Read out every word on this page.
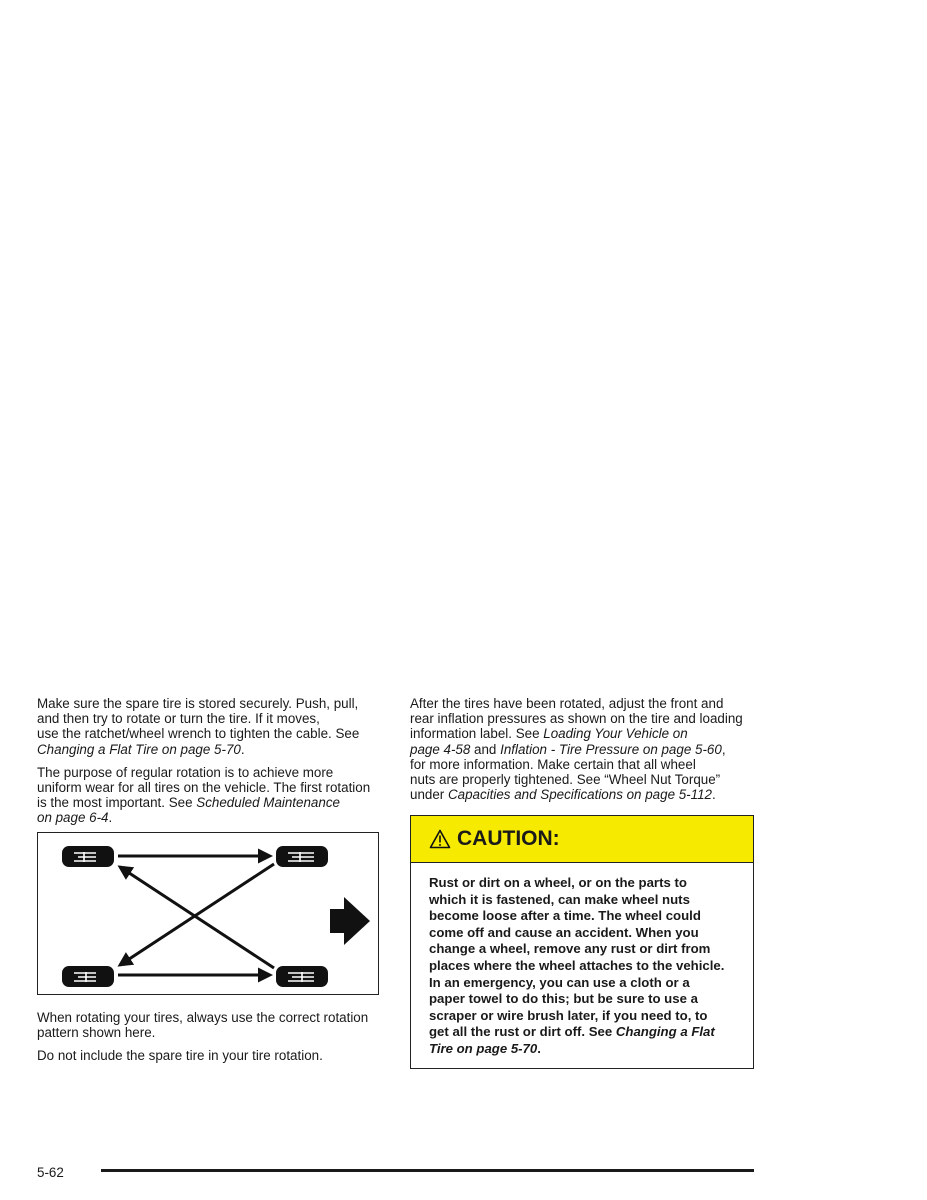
Make sure the spare tire is stored securely. Push, pull,
and then try to rotate or turn the tire. If it moves,
use the ratchet/wheel wrench to tighten the cable. See
Changing a Flat Tire on page 5-70.

The purpose of regular rotation is to achieve more
uniform wear for all tires on the vehicle. The first rotation
is the most important. See Scheduled Maintenance
on page 6-4.

When rotating your tires, always use the correct rotation
pattern shown here.

Do not include the spare tire in your tire rotation.

After the tires have been rotated, adjust the front and
rear inflation pressures as shown on the tire and loading
information label. See Loading Your Vehicle on
page 4-58 and Inflation - Tire Pressure on page 5-60,
for more information. Make certain that all wheel
nuts are properly tightened. See “Wheel Nut Torque”
under Capacities and Specifications on page 5-112.

CAUTION:
Rust or dirt on a wheel, or on the parts to
which it is fastened, can make wheel nuts
become loose after a time. The wheel could
come off and cause an accident. When you
change a wheel, remove any rust or dirt from
places where the wheel attaches to the vehicle.
In an emergency, you can use a cloth or a
paper towel to do this; but be sure to use a
scraper or wire brush later, if you need to, to
get all the rust or dirt off. See Changing a Flat
Tire on page 5-70.
5-62
